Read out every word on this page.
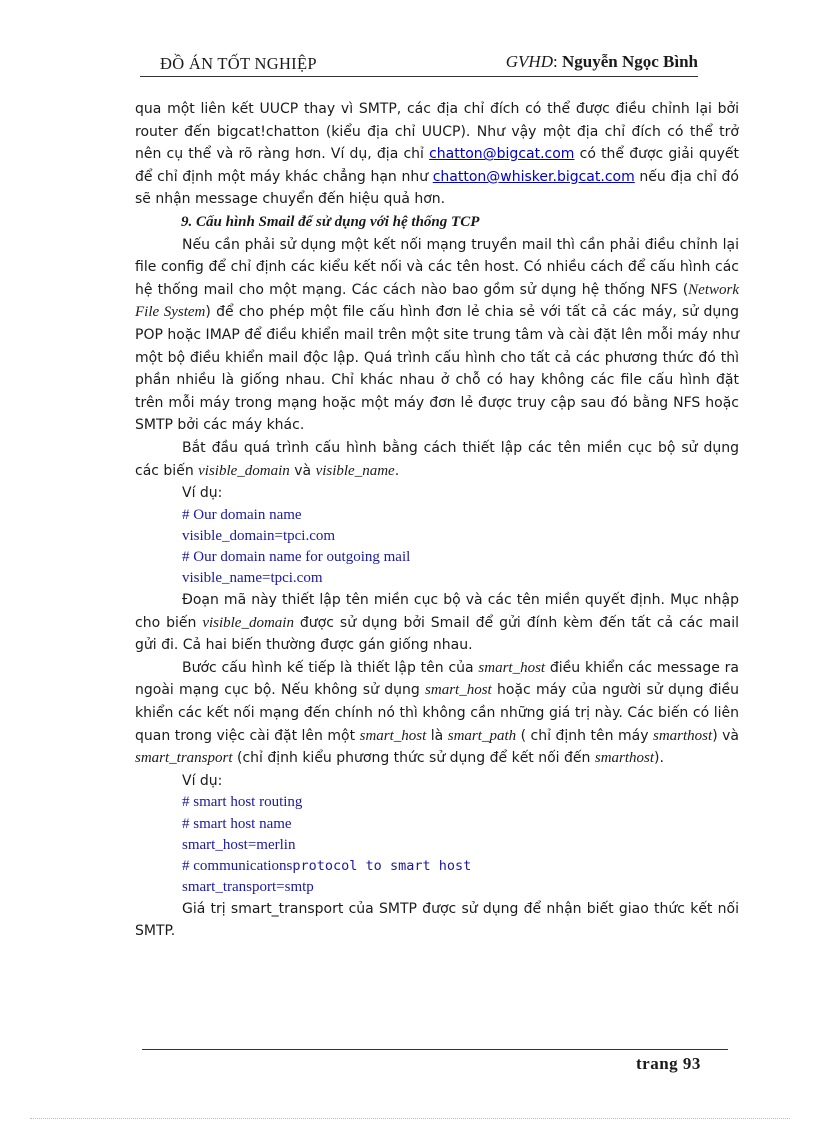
ĐỒ ÁN TỐT NGHIỆP	GVHD: Nguyễn Ngọc Bình

qua một liên kết UUCP thay vì SMTP, các địa chỉ đích có thể được điều chỉnh lại bởi router đến bigcat!chatton (kiểu địa chỉ UUCP). Như vậy một địa chỉ đích có thể trở nên cụ thể và rõ ràng hơn. Ví dụ, địa chỉ chatton@bigcat.com có thể được giải quyết để chỉ định một máy khác chẳng hạn như chatton@whisker.bigcat.com nếu địa chỉ đó sẽ nhận message chuyển đến hiệu quả hơn.

9. Cấu hình Smail để sử dụng với hệ thống TCP

Nếu cần phải sử dụng một kết nối mạng truyền mail thì cần phải điều chỉnh lại file config để chỉ định các kiểu kết nối và các tên host. Có nhiều cách để cấu hình các hệ thống mail cho một mạng. Các cách nào bao gồm sử dụng hệ thống NFS (Network File System) để cho phép một file cấu hình đơn lẻ chia sẻ với tất cả các máy, sử dụng POP hoặc IMAP để điều khiển mail trên một site trung tâm và cài đặt lên mỗi máy như một bộ điều khiển mail độc lập. Quá trình cấu hình cho tất cả các phương thức đó thì phần nhiều là giống nhau. Chỉ khác nhau ở chỗ có hay không các file cấu hình đặt trên mỗi máy trong mạng hoặc một máy đơn lẻ được truy cập sau đó bằng NFS hoặc SMTP bởi các máy khác.

Bắt đầu quá trình cấu hình bằng cách thiết lập các tên miền cục bộ sử dụng các biến visible_domain và visible_name.

Ví dụ:

# Our domain name
visible_domain=tpci.com
# Our domain name for outgoing mail
visible_name=tpci.com

Đoạn mã này thiết lập tên miền cục bộ và các tên miền quyết định. Mục nhập cho biến visible_domain được sử dụng bởi Smail để gửi đính kèm đến tất cả các mail gửi đi. Cả hai biến thường được gán giống nhau.

Bước cấu hình kế tiếp là thiết lập tên của smart_host điều khiển các message ra ngoài mạng cục bộ. Nếu không sử dụng smart_host hoặc máy của người sử dụng điều khiển các kết nối mạng đến chính nó thì không cần những giá trị này. Các biến có liên quan trong việc cài đặt lên một smart_host là smart_path ( chỉ định tên máy smarthost) và smart_transport (chỉ định kiểu phương thức sử dụng để kết nối đến smarthost).

Ví dụ:

# smart host routing
# smart host name
smart_host=merlin
# communicationsprotocol to smart host
smart_transport=smtp

Giá trị smart_transport của SMTP được sử dụng để nhận biết giao thức kết nối SMTP.

trang 93
